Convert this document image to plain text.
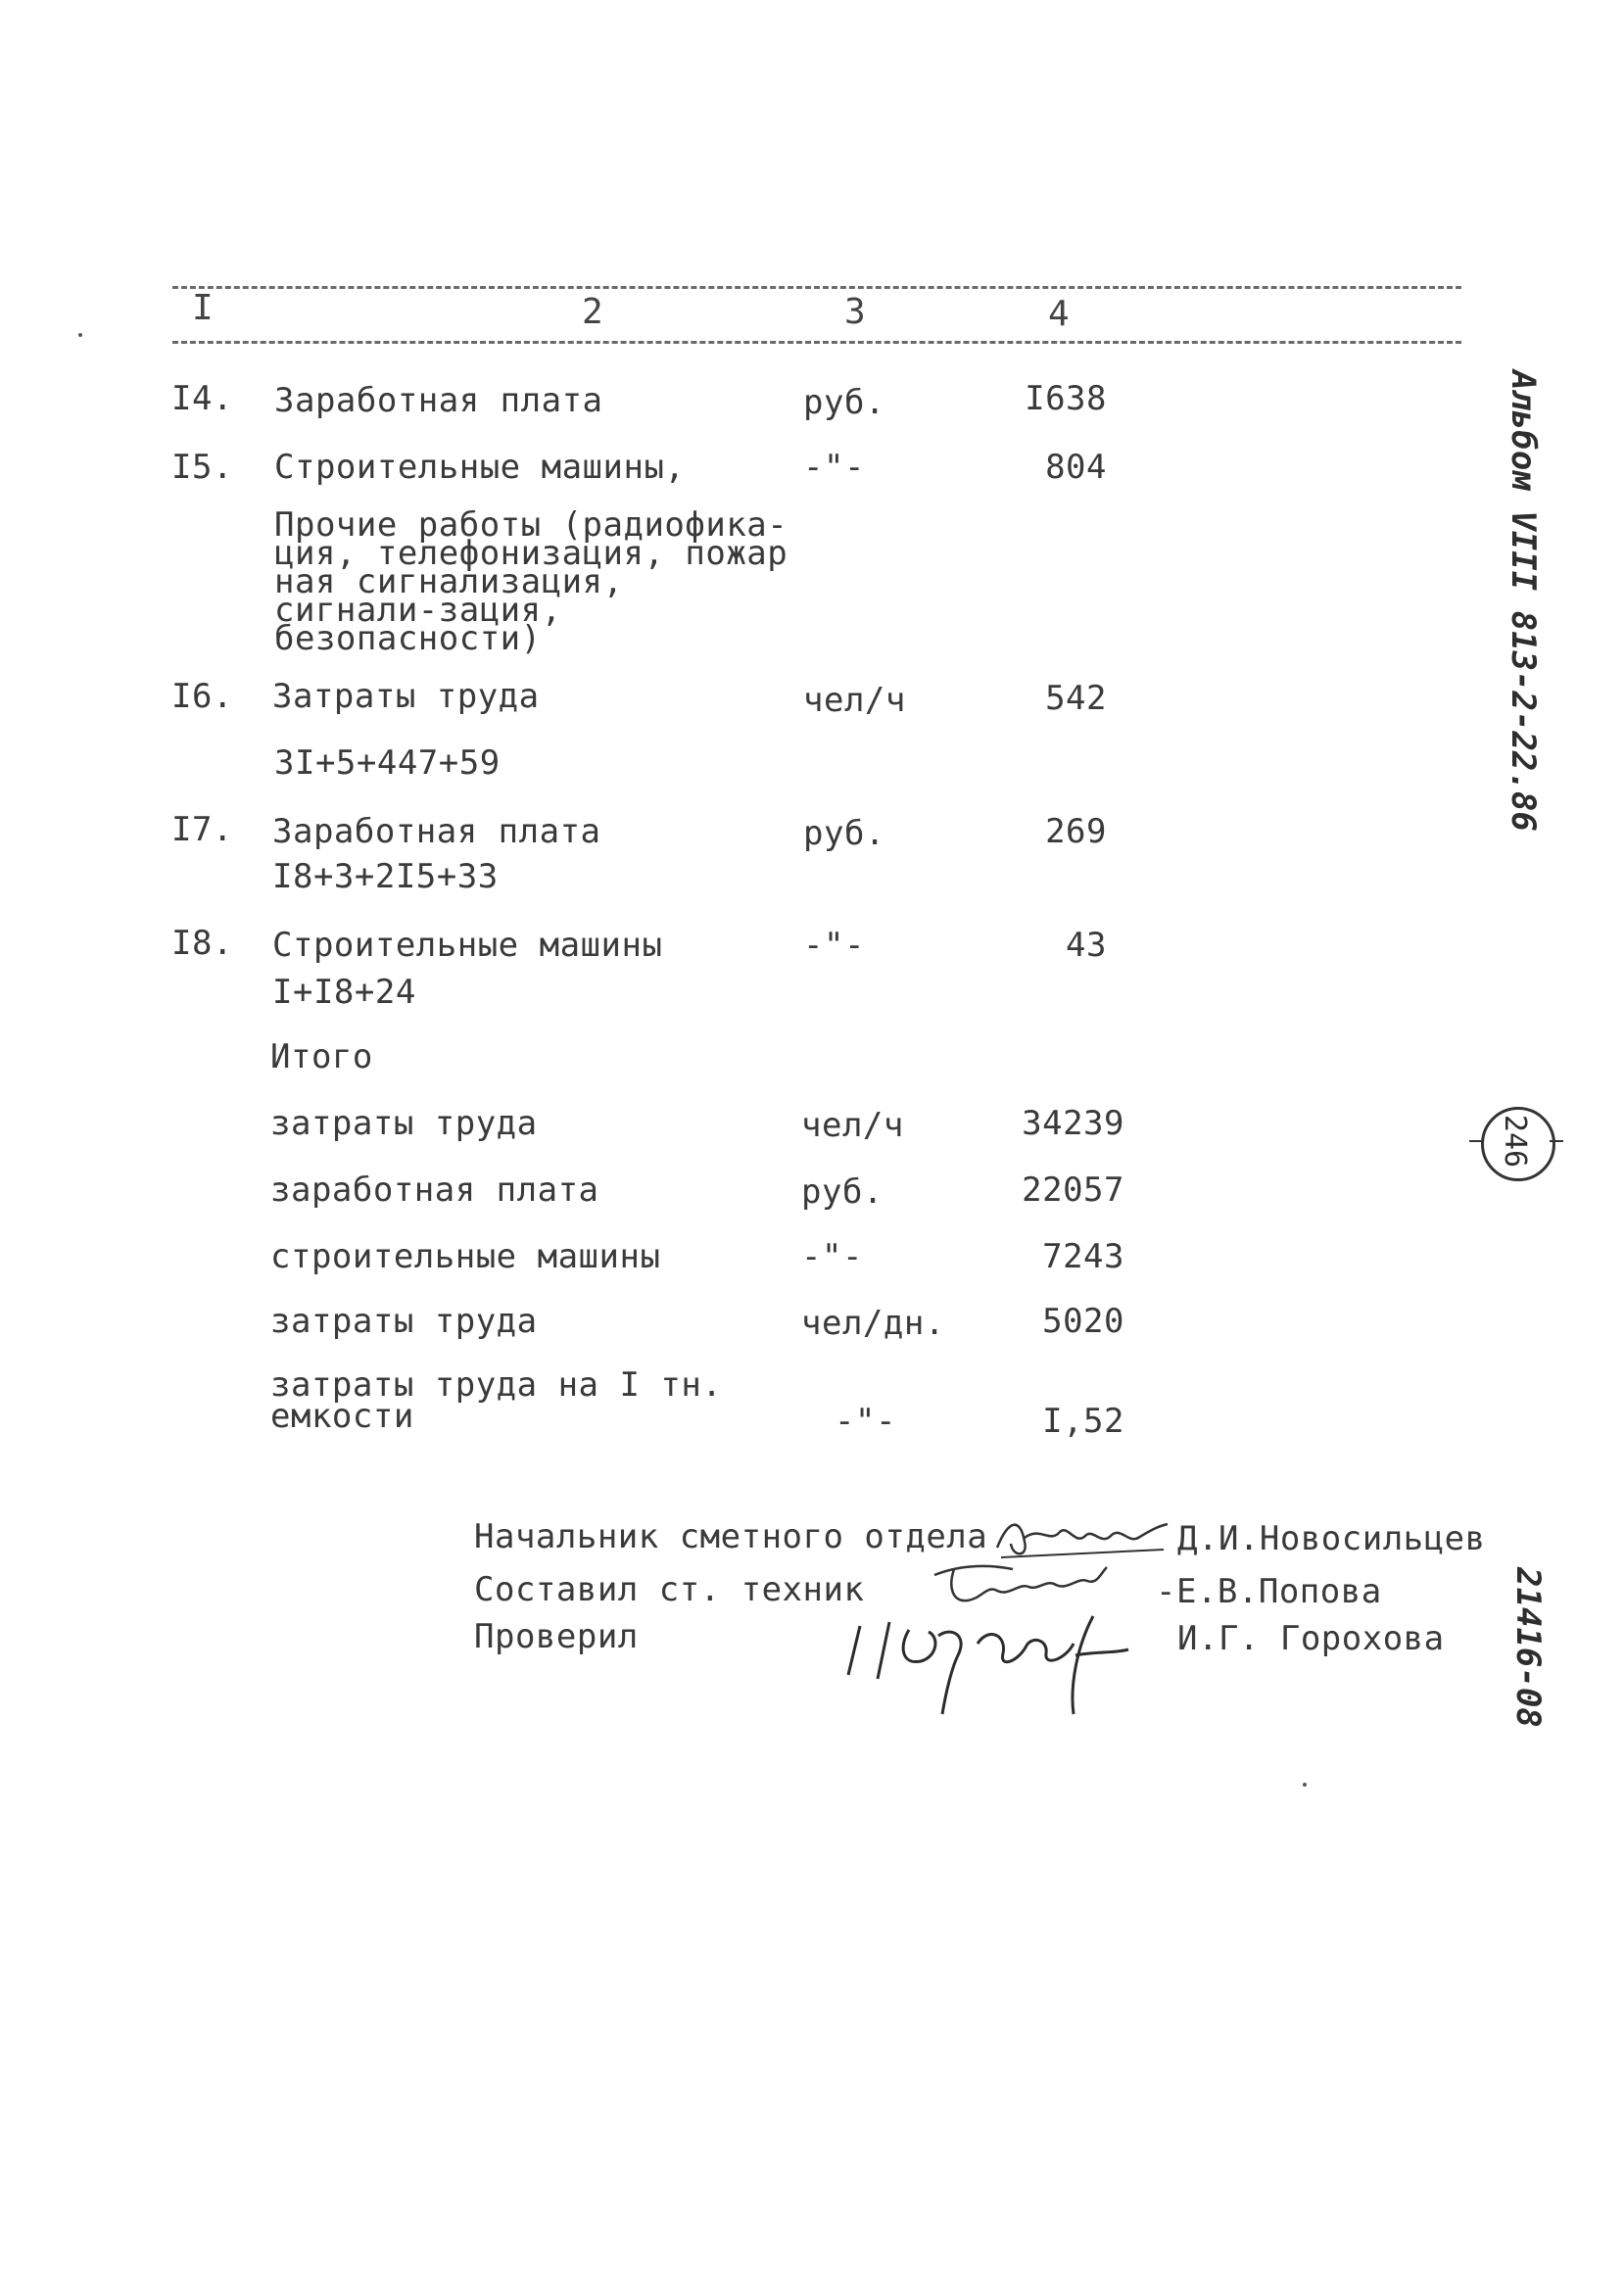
I	2	3	4
I4. Заработная плата	руб.	I638
I5. Строительные машины,	-"-	804
Прочие работы (радиофика-ция, телефонизация, пожар ная сигнализация, сигнали-зация, безопасности)
I6. Затраты труда	чел/ч	542
3I+5+447+59
I7. Заработная плата	руб.	269
I8+3+2I5+33
I8. Строительные машины	-"-	43
I+I8+24
Итого
затраты труда	чел/ч	34239
заработная плата	руб.	22057
строительные машины	-"-	7243
затраты труда	чел/дн.	5020
затраты труда на I тн.
емкости	-"-	I,52
Начальник сметного отдела	Д.И.Новосильцев
Составил ст. техник	-Е.В.Попова
Проверил	И.Г. Горохова
Альбом VIII 813-2-22.86
246
21416-08
